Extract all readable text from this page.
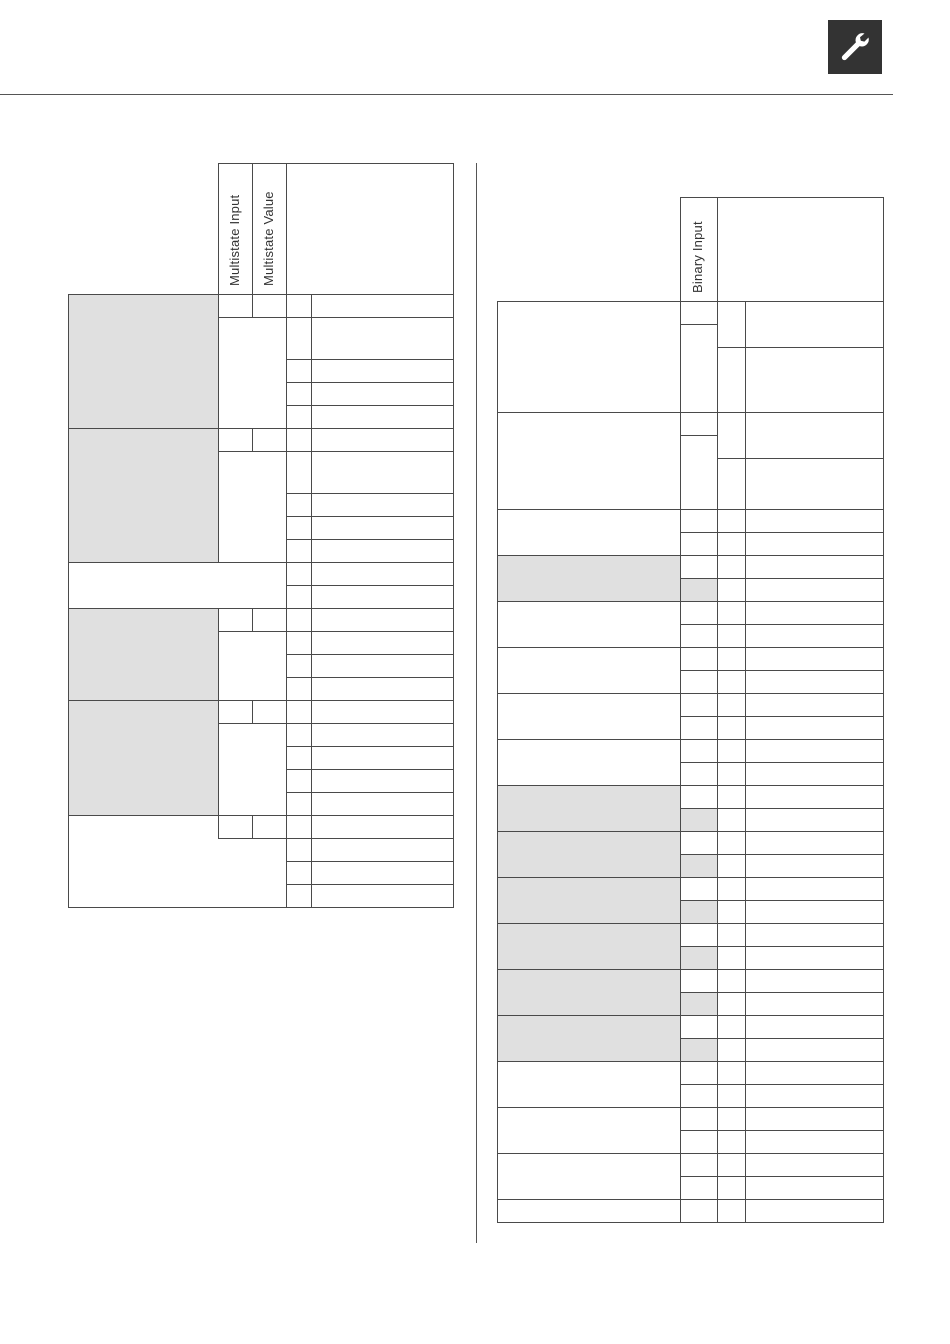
	Multistate Input	Multistate Value		

	Binary Input		
